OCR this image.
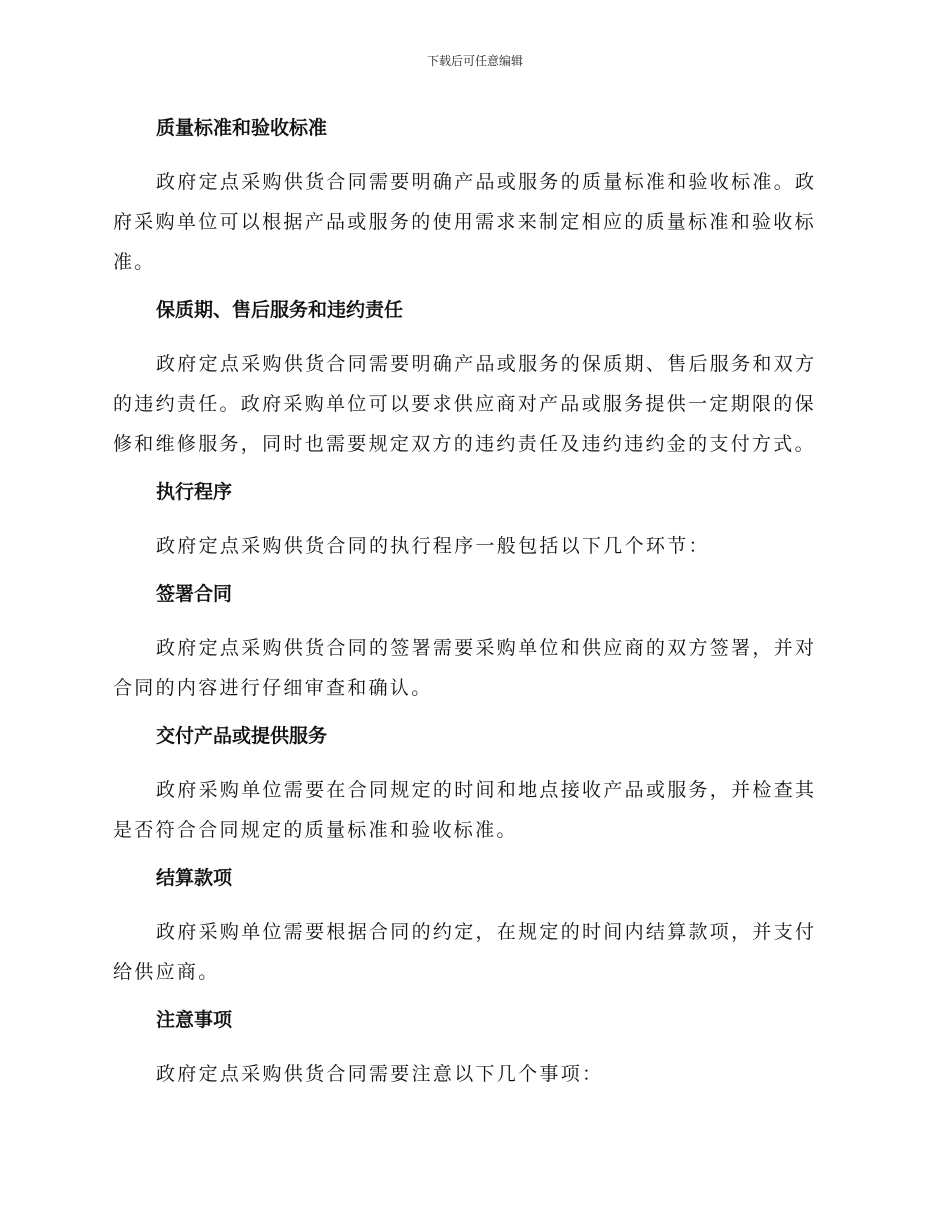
下载后可任意编辑

质量标准和验收标准

政府定点采购供货合同需要明确产品或服务的质量标准和验收标准。政府采购单位可以根据产品或服务的使用需求来制定相应的质量标准和验收标准。

保质期、售后服务和违约责任

政府定点采购供货合同需要明确产品或服务的保质期、售后服务和双方的违约责任。政府采购单位可以要求供应商对产品或服务提供一定期限的保修和维修服务，同时也需要规定双方的违约责任及违约违约金的支付方式。

执行程序

政府定点采购供货合同的执行程序一般包括以下几个环节：

签署合同

政府定点采购供货合同的签署需要采购单位和供应商的双方签署，并对合同的内容进行仔细审查和确认。

交付产品或提供服务

政府采购单位需要在合同规定的时间和地点接收产品或服务，并检查其是否符合合同规定的质量标准和验收标准。

结算款项

政府采购单位需要根据合同的约定，在规定的时间内结算款项，并支付给供应商。

注意事项

政府定点采购供货合同需要注意以下几个事项：
